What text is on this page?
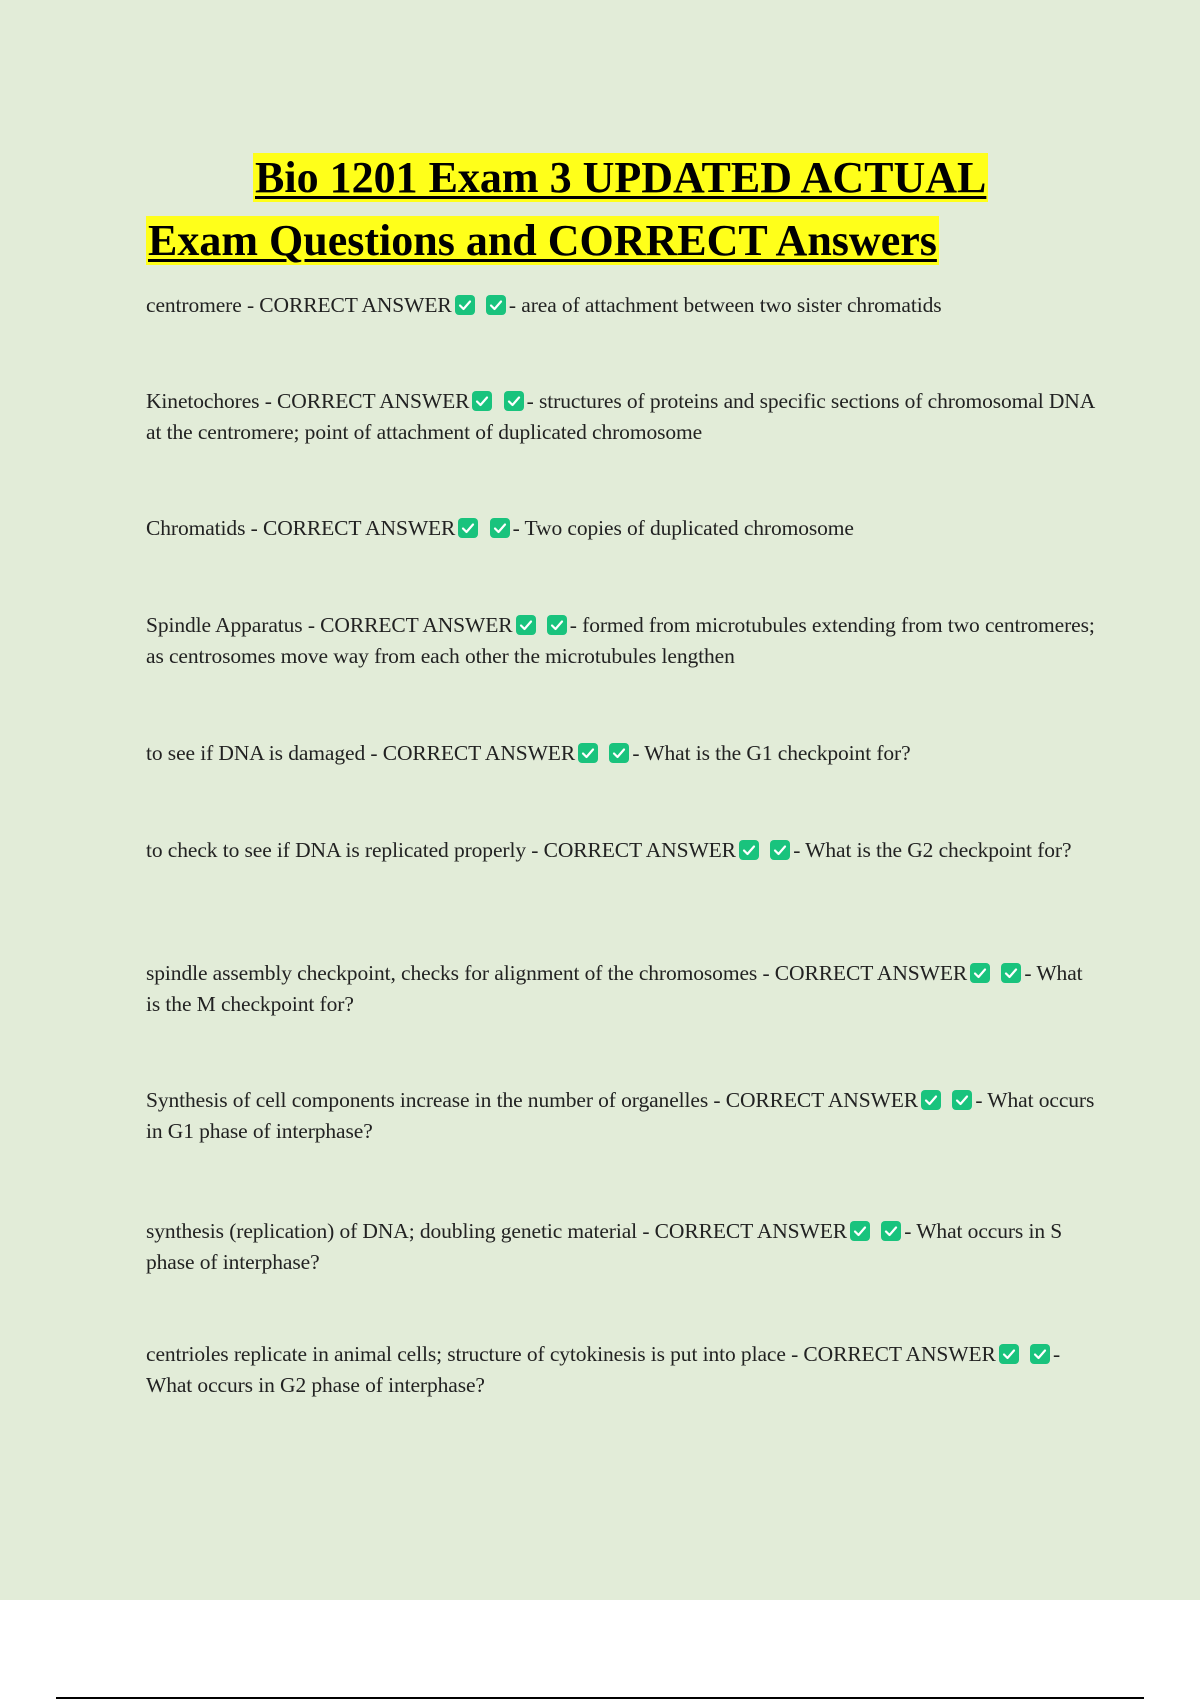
Bio 1201 Exam 3 UPDATED ACTUAL
Exam Questions and CORRECT Answers
centromere - CORRECT ANSWER
	- area of attachment between two sister chromatids
Kinetochores - CORRECT ANSWER
	- structures of proteins and specific sections of chromosomal DNA at the centromere; point of attachment of duplicated chromosome
Chromatids - CORRECT ANSWER
	- Two copies of duplicated chromosome
Spindle Apparatus - CORRECT ANSWER
	- formed from microtubules extending from two centromeres; as centrosomes move way from each other the microtubules lengthen
to see if DNA is damaged - CORRECT ANSWER
	- What is the G1 checkpoint for?
to check to see if DNA is replicated properly - CORRECT ANSWER
	- What is the G2 checkpoint for?
spindle assembly checkpoint, checks for alignment of the chromosomes - CORRECT ANSWER
	- What is the M checkpoint for?
Synthesis of cell components increase in the number of organelles - CORRECT ANSWER
	- What occurs in G1 phase of interphase?
synthesis (replication) of DNA; doubling genetic material - CORRECT ANSWER
	- What occurs in S phase of interphase?
centrioles replicate in animal cells; structure of cytokinesis is put into place - CORRECT ANSWER
	- What occurs in G2 phase of interphase?
